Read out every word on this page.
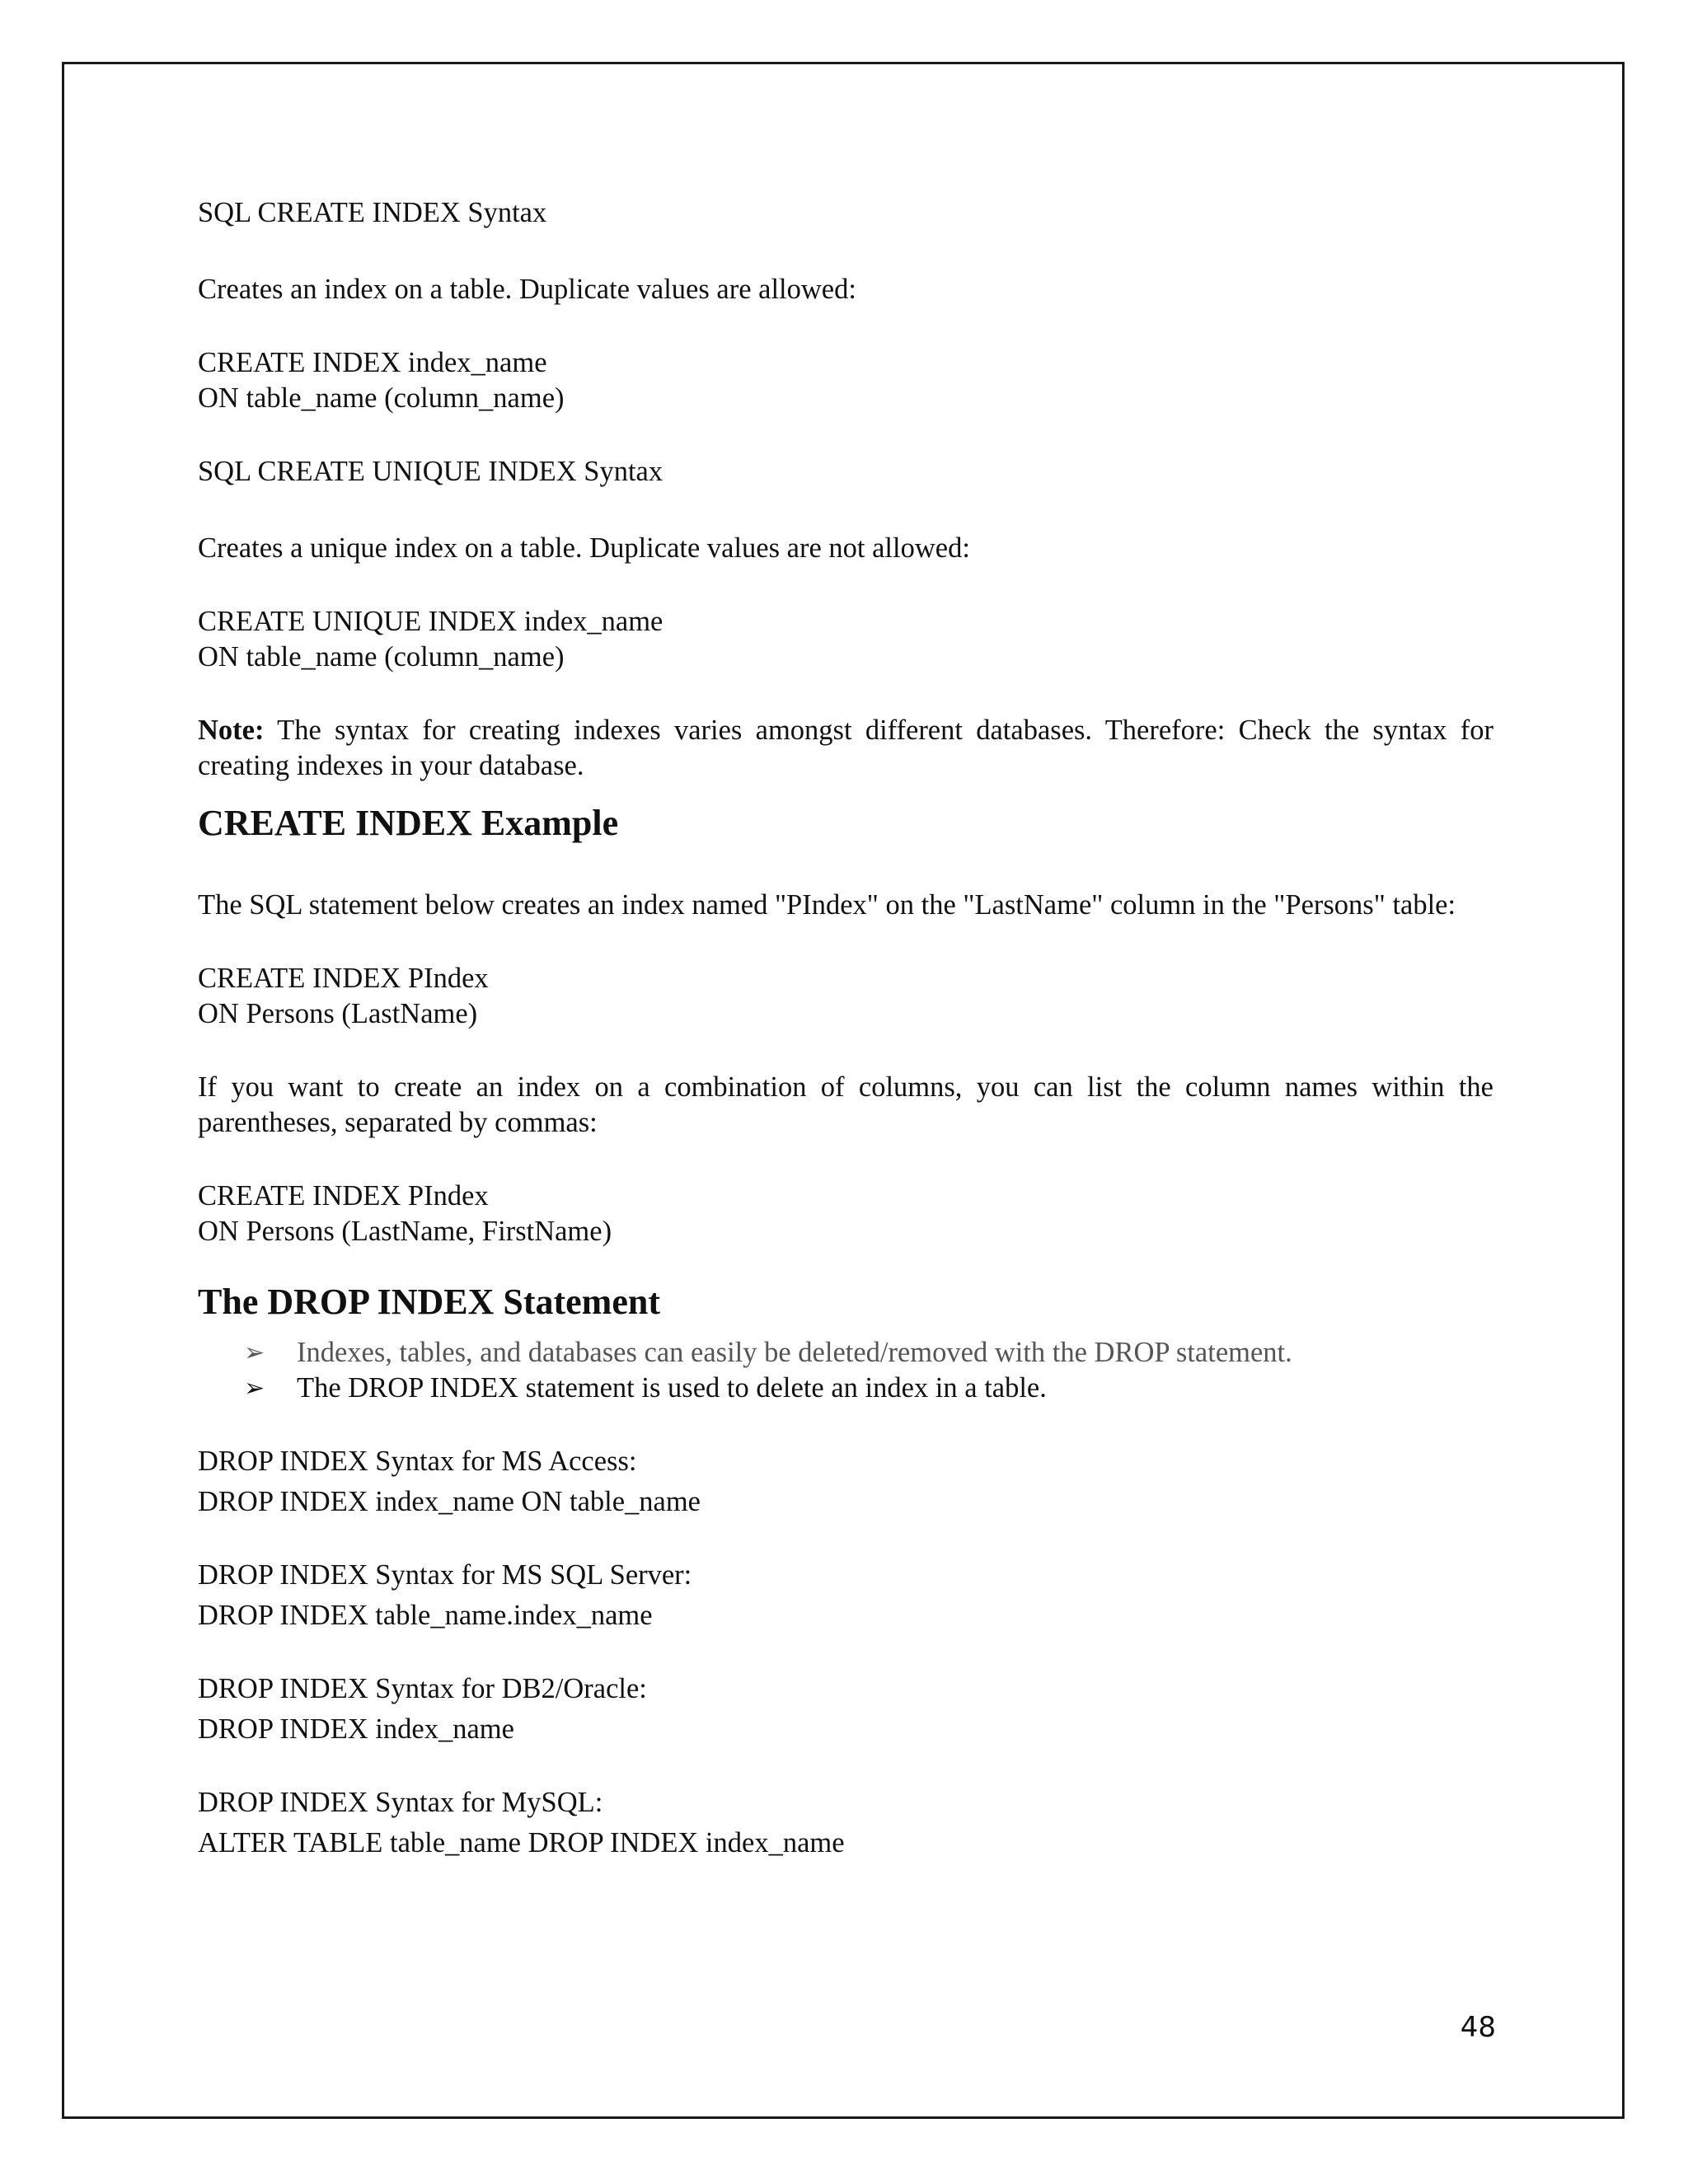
SQL CREATE INDEX Syntax

Creates an index on a table. Duplicate values are allowed:

CREATE INDEX index_name

ON table_name (column_name)

SQL CREATE UNIQUE INDEX Syntax

Creates a unique index on a table. Duplicate values are not allowed:

CREATE UNIQUE INDEX index_name

ON table_name (column_name)

Note: The syntax for creating indexes varies amongst different databases. Therefore: Check the syntax for creating indexes in your database.

CREATE INDEX Example

The SQL statement below creates an index named "PIndex" on the "LastName" column in the "Persons" table:

CREATE INDEX PIndex

ON Persons (LastName)

If you want to create an index on a combination of columns, you can list the column names within the parentheses, separated by commas:

CREATE INDEX PIndex

ON Persons (LastName, FirstName)

The DROP INDEX Statement
➢ Indexes, tables, and databases can easily be deleted/removed with the DROP statement.
➢ The DROP INDEX statement is used to delete an index in a table.

DROP INDEX Syntax for MS Access:

DROP INDEX index_name ON table_name

DROP INDEX Syntax for MS SQL Server:

DROP INDEX table_name.index_name

DROP INDEX Syntax for DB2/Oracle:

DROP INDEX index_name

DROP INDEX Syntax for MySQL:

ALTER TABLE table_name DROP INDEX index_name

48
